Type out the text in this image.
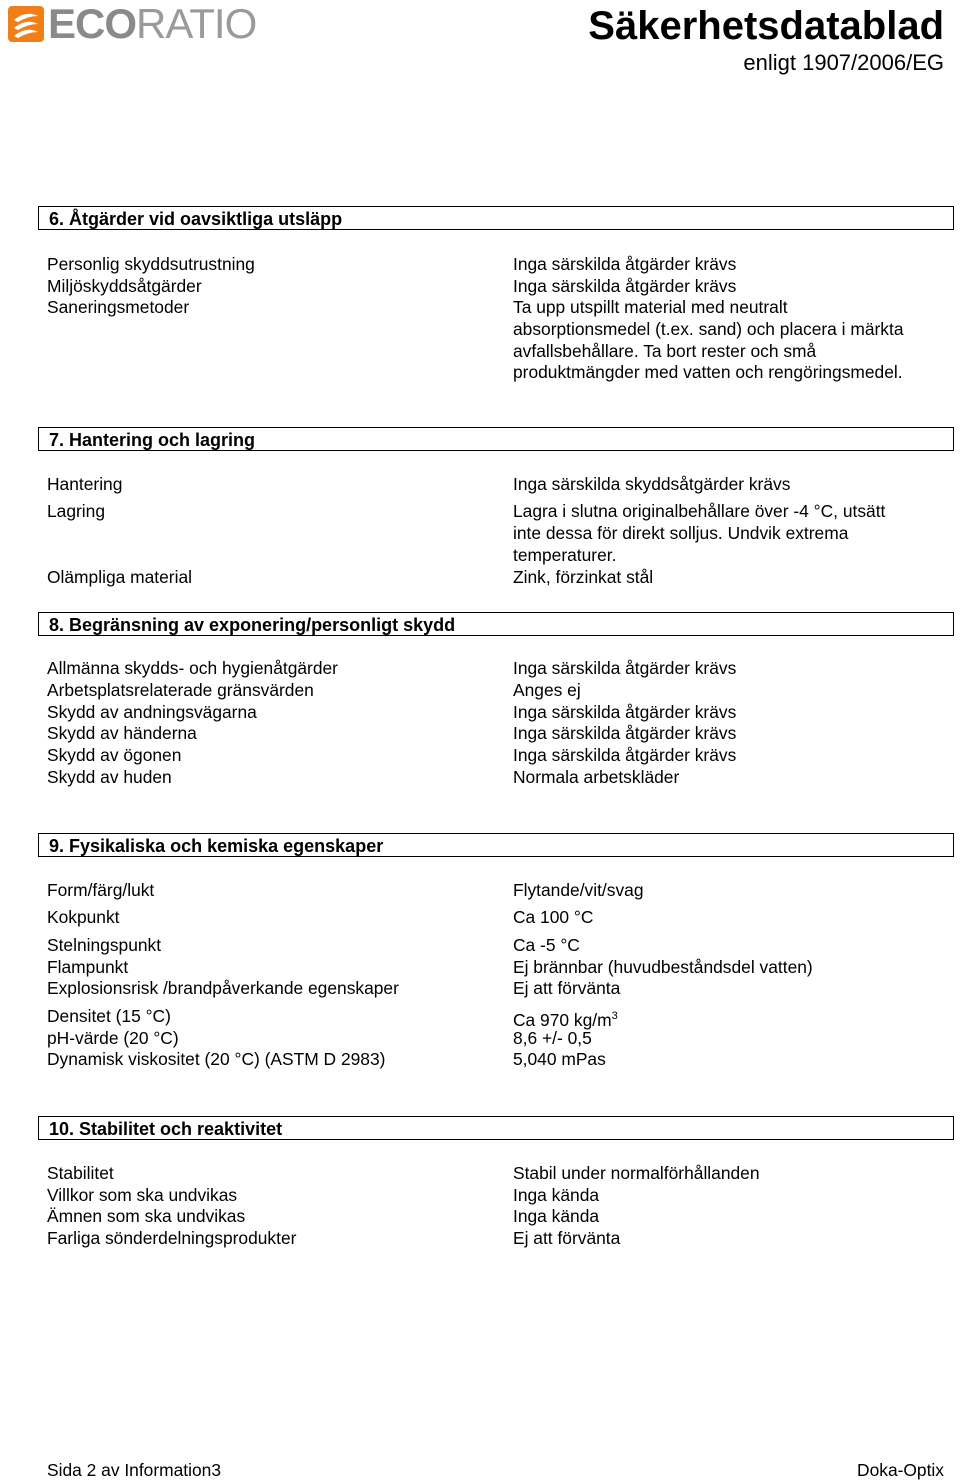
ECORATIO	Säkerhetsdatablad
enligt 1907/2006/EG
6. Åtgärder vid oavsiktliga utsläpp
Personlig skyddsutrustning
Miljöskyddsåtgärder
Saneringsmetoder
Inga särskilda åtgärder krävs
Inga särskilda åtgärder krävs
Ta upp utspillt material med neutralt
absorptionsmedel (t.ex. sand) och placera i märkta
avfallsbehållare. Ta bort rester och små
produktmängder med vatten och rengöringsmedel.
7. Hantering och lagring
Hantering
Lagring
Olämpliga material
Inga särskilda skyddsåtgärder krävs
Lagra i slutna originalbehållare över -4 °C, utsätt
inte dessa för direkt solljus. Undvik extrema
temperaturer.
Zink, förzinkat stål
8. Begränsning av exponering/personligt skydd
Allmänna skydds- och hygienåtgärder
Arbetsplatsrelaterade gränsvärden
Skydd av andningsvägarna
Skydd av händerna
Skydd av ögonen
Skydd av huden
Inga särskilda åtgärder krävs
Anges ej
Inga särskilda åtgärder krävs
Inga särskilda åtgärder krävs
Inga särskilda åtgärder krävs
Normala arbetskläder
9. Fysikaliska och kemiska egenskaper
Form/färg/lukt
Kokpunkt
Stelningspunkt
Flampunkt
Explosionsrisk /brandpåverkande egenskaper
Densitet (15 °C)
pH-värde (20 °C)
Dynamisk viskositet (20 °C) (ASTM D 2983)
Flytande/vit/svag
Ca 100 °C
Ca -5 °C
Ej brännbar (huvudbeståndsdel vatten)
Ej att förvänta
Ca 970 $kg/m^3$
8,6 +/- 0,5
5,040 mPas
10. Stabilitet och reaktivitet
Stabilitet
Villkor som ska undvikas
Ämnen som ska undvikas
Farliga sönderdelningsprodukter
Stabil under normalförhållanden
Inga kända
Inga kända
Ej att förvänta
Sida 2 av Information3	Doka-Optix
